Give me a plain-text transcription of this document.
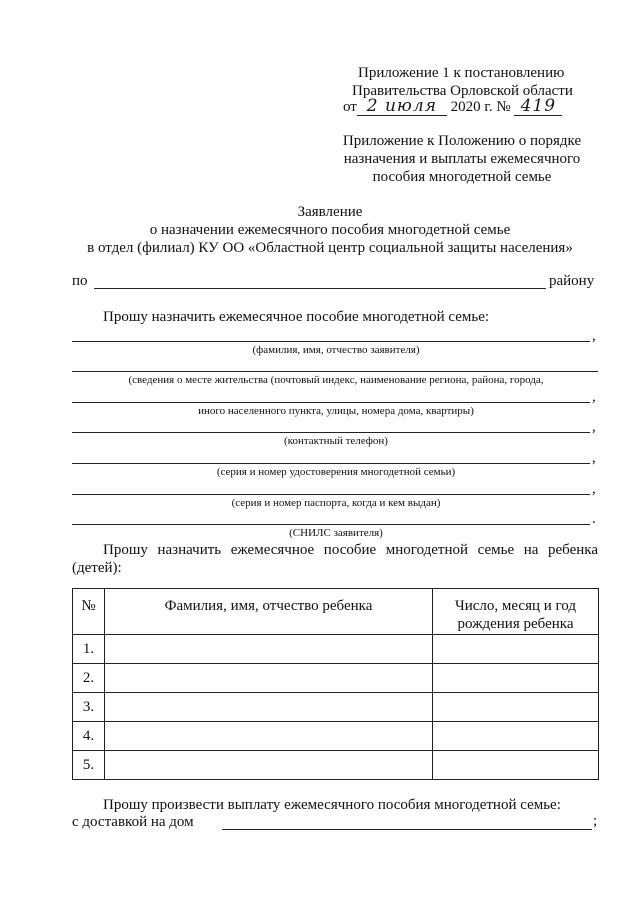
Приложение 1 к постановлению
Правительства Орловской области
от 2 июля 2020 г. № 419
Приложение к Положению о порядке
назначения и выплаты ежемесячного
пособия многодетной семье
Заявление
о назначении ежемесячного пособия многодетной семье
в отдел (филиал) КУ ОО «Областной центр социальной защиты населения»
по	району
Прошу назначить ежемесячное пособие многодетной семье:
,
(фамилия, имя, отчество заявителя)
(сведения о месте жительства (почтовый индекс, наименование региона, района, города,
,
иного населенного пункта, улицы, номера дома, квартиры)
,
(контактный телефон)
,
(серия и номер удостоверения многодетной семьи)
,
(серия и номер паспорта, когда и кем выдан)
.
(СНИЛС заявителя)
Прошу назначить ежемесячное пособие многодетной семье на ребенка
(детей):
№	Фамилия, имя, отчество ребенка	Число, месяц и год рождения ребенка
1.		
2.		
3.		
4.		
5.		
Прошу произвести выплату ежемесячного пособия многодетной семье:
с доставкой на дом	;
